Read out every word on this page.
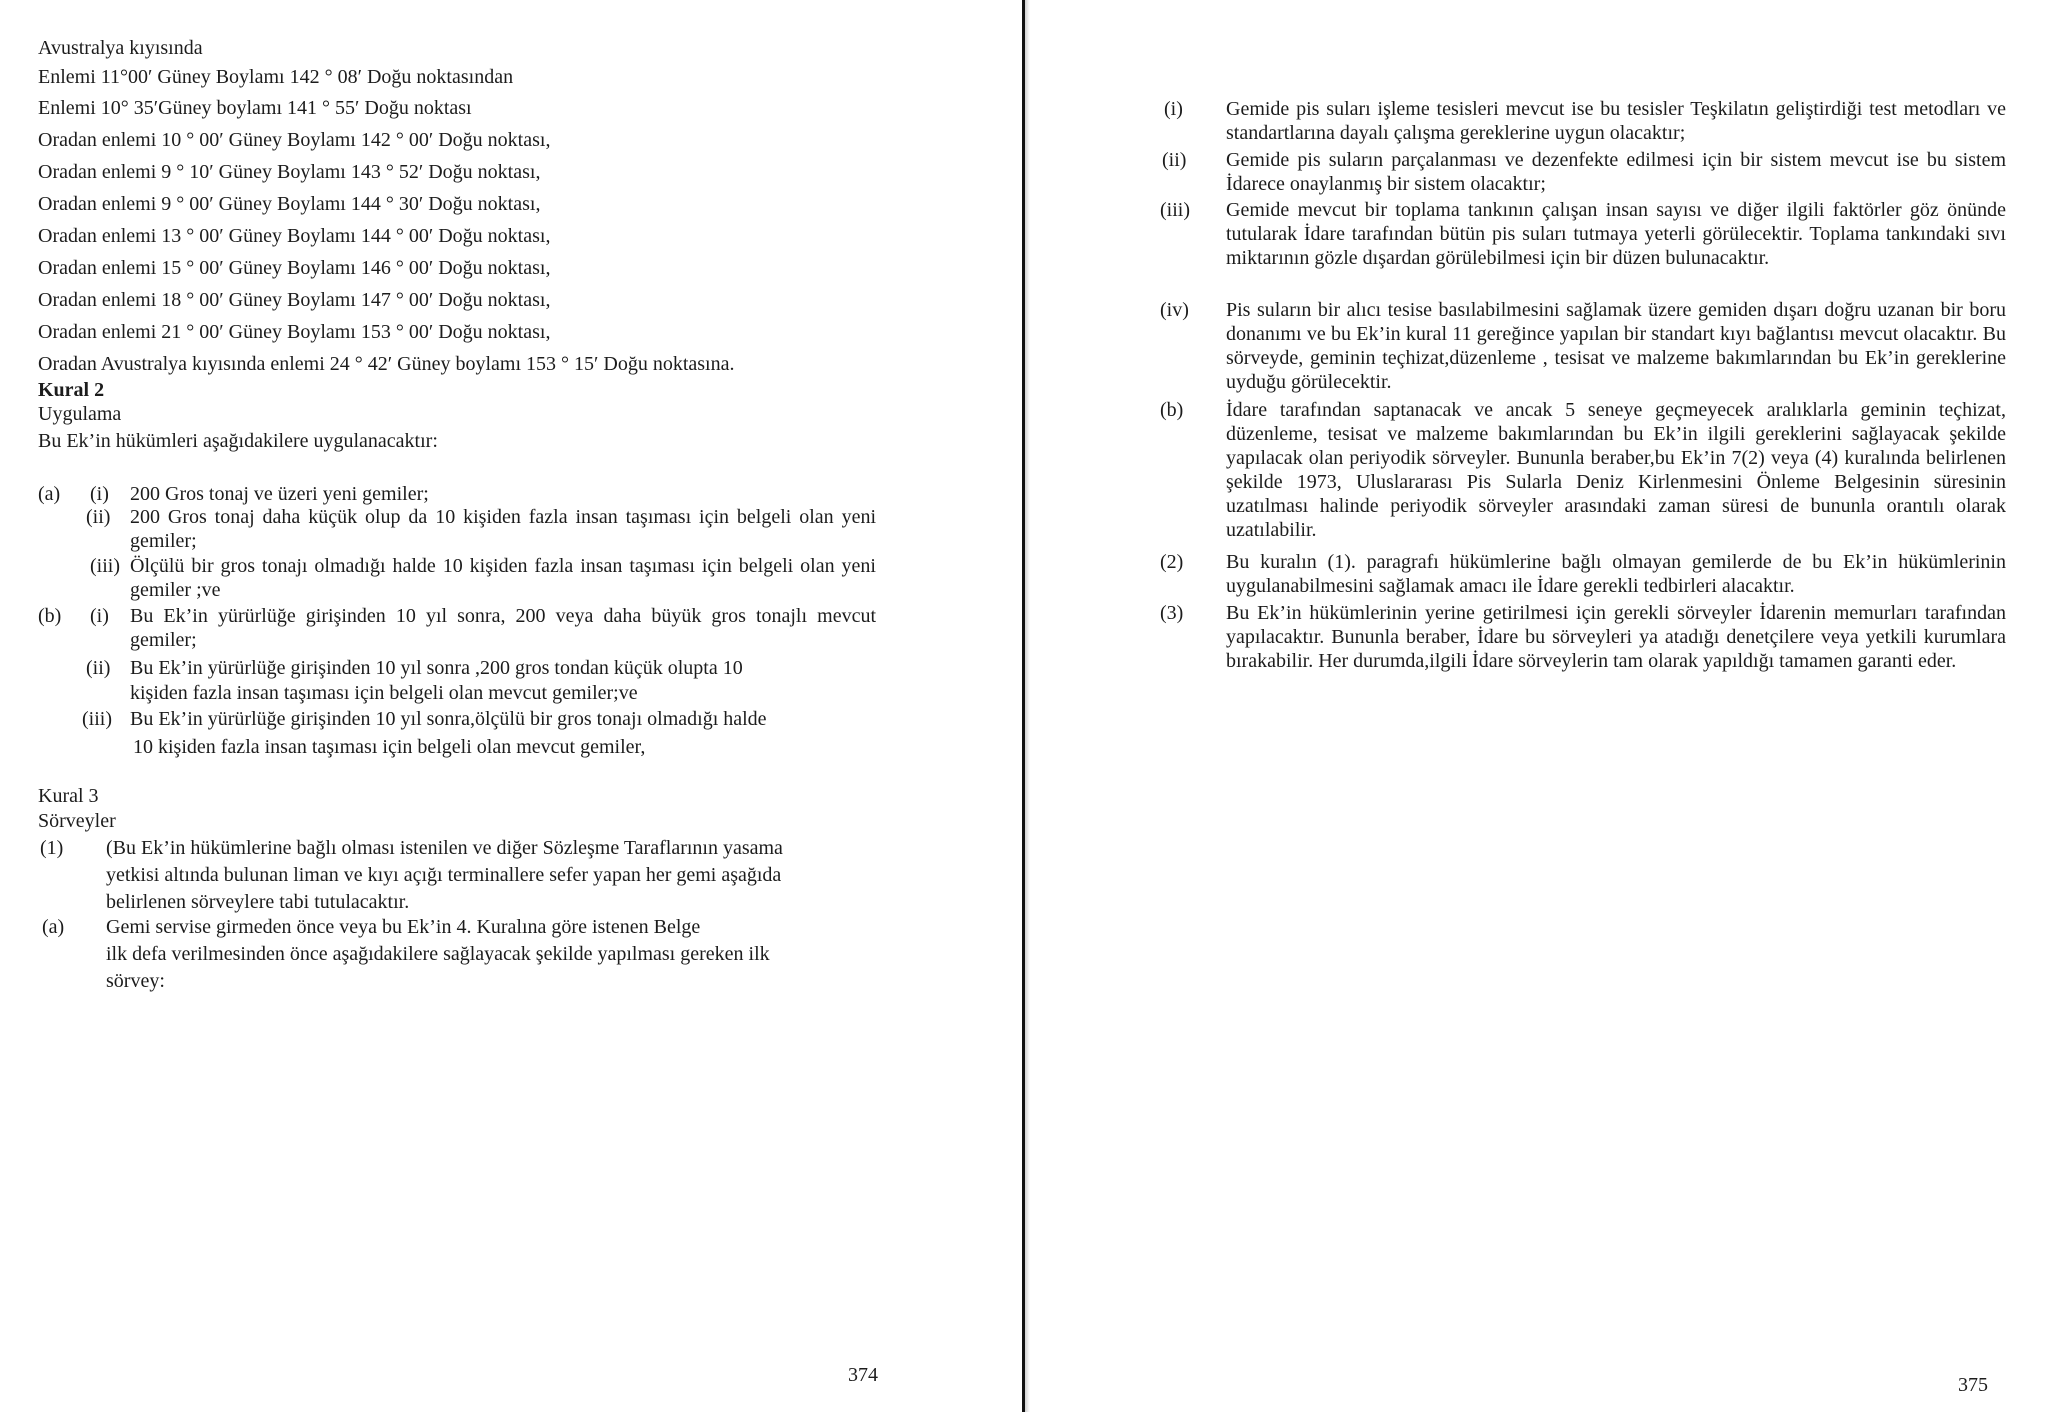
Avustralya kıyısında
Enlemi 11°00′ Güney Boylamı 142 ° 08′ Doğu noktasından
Enlemi 10° 35′Güney boylamı 141 ° 55′ Doğu noktası
Oradan enlemi 10 ° 00′ Güney Boylamı 142 ° 00′ Doğu noktası,
Oradan enlemi 9 ° 10′ Güney Boylamı 143 ° 52′ Doğu noktası,
Oradan enlemi 9 ° 00′ Güney Boylamı 144 ° 30′ Doğu noktası,
Oradan enlemi 13 ° 00′ Güney Boylamı 144 ° 00′ Doğu noktası,
Oradan enlemi 15 ° 00′ Güney Boylamı 146 ° 00′ Doğu noktası,
Oradan enlemi 18 ° 00′ Güney Boylamı 147 ° 00′ Doğu noktası,
Oradan enlemi 21 ° 00′ Güney Boylamı 153 ° 00′ Doğu noktası,
Oradan Avustralya kıyısında enlemi 24 ° 42′ Güney boylamı 153 ° 15′ Doğu noktasına.
Kural 2
Uygulama
Bu Ek’in hükümleri aşağıdakilere uygulanacaktır:
(a) (i) 200 Gros tonaj ve üzeri yeni gemiler;
(ii) 200 Gros tonaj daha küçük olup da 10 kişiden fazla insan taşıması için belgeli olan yeni gemiler;
(iii) Ölçülü bir gros tonajı olmadığı halde 10 kişiden fazla insan taşıması için belgeli olan yeni gemiler ;ve
(b) (i) Bu Ek’in yürürlüğe girişinden 10 yıl sonra, 200 veya daha büyük gros tonajlı mevcut gemiler;
(ii) Bu Ek’in yürürlüğe girişinden 10 yıl sonra ,200 gros tondan küçük olupta 10
kişiden fazla insan taşıması için belgeli olan mevcut gemiler;ve
(iii) Bu Ek’in yürürlüğe girişinden 10 yıl sonra,ölçülü bir gros tonajı olmadığı halde
10 kişiden fazla insan taşıması için belgeli olan mevcut gemiler,
Kural 3
Sörveyler
(1) (Bu Ek’in hükümlerine bağlı olması istenilen ve diğer Sözleşme Taraflarının yasama
yetkisi altında bulunan liman ve kıyı açığı terminallere sefer yapan her gemi aşağıda
belirlenen sörveylere tabi tutulacaktır.
(a) Gemi servise girmeden önce veya bu Ek’in 4. Kuralına göre istenen Belge
ilk defa verilmesinden önce aşağıdakilere sağlayacak şekilde yapılması gereken ilk
sörvey:
374
(i) Gemide pis suları işleme tesisleri mevcut ise bu tesisler Teşkilatın geliştirdiği test metodları ve standartlarına dayalı çalışma gereklerine uygun olacaktır;
(ii) Gemide pis suların parçalanması ve dezenfekte edilmesi için bir sistem mevcut ise bu sistem İdarece onaylanmış bir sistem olacaktır;
(iii) Gemide mevcut bir toplama tankının çalışan insan sayısı ve diğer ilgili faktörler göz önünde tutularak İdare tarafından bütün pis suları tutmaya yeterli görülecektir. Toplama tankındaki sıvı miktarının gözle dışardan görülebilmesi için bir düzen bulunacaktır.
(iv) Pis suların bir alıcı tesise basılabilmesini sağlamak üzere gemiden dışarı doğru uzanan bir boru donanımı ve bu Ek’in kural 11 gereğince yapılan bir standart kıyı bağlantısı mevcut olacaktır. Bu sörveyde, geminin teçhizat,düzenleme , tesisat ve malzeme bakımlarından bu Ek’in gereklerine uyduğu görülecektir.
(b) İdare tarafından saptanacak ve ancak 5 seneye geçmeyecek aralıklarla geminin teçhizat, düzenleme, tesisat ve malzeme bakımlarından bu Ek’in ilgili gereklerini sağlayacak şekilde yapılacak olan periyodik sörveyler. Bununla beraber,bu Ek’in 7(2) veya (4) kuralında belirlenen şekilde 1973, Uluslararası Pis Sularla Deniz Kirlenmesini Önleme Belgesinin süresinin uzatılması halinde periyodik sörveyler arasındaki zaman süresi de bununla orantılı olarak uzatılabilir.
(2) Bu kuralın (1). paragrafı hükümlerine bağlı olmayan gemilerde de bu Ek’in hükümlerinin uygulanabilmesini sağlamak amacı ile İdare gerekli tedbirleri alacaktır.
(3) Bu Ek’in hükümlerinin yerine getirilmesi için gerekli sörveyler İdarenin memurları tarafından yapılacaktır. Bununla beraber, İdare bu sörveyleri ya atadığı denetçilere veya yetkili kurumlara bırakabilir. Her durumda,ilgili İdare sörveylerin tam olarak yapıldığı tamamen garanti eder.
375
